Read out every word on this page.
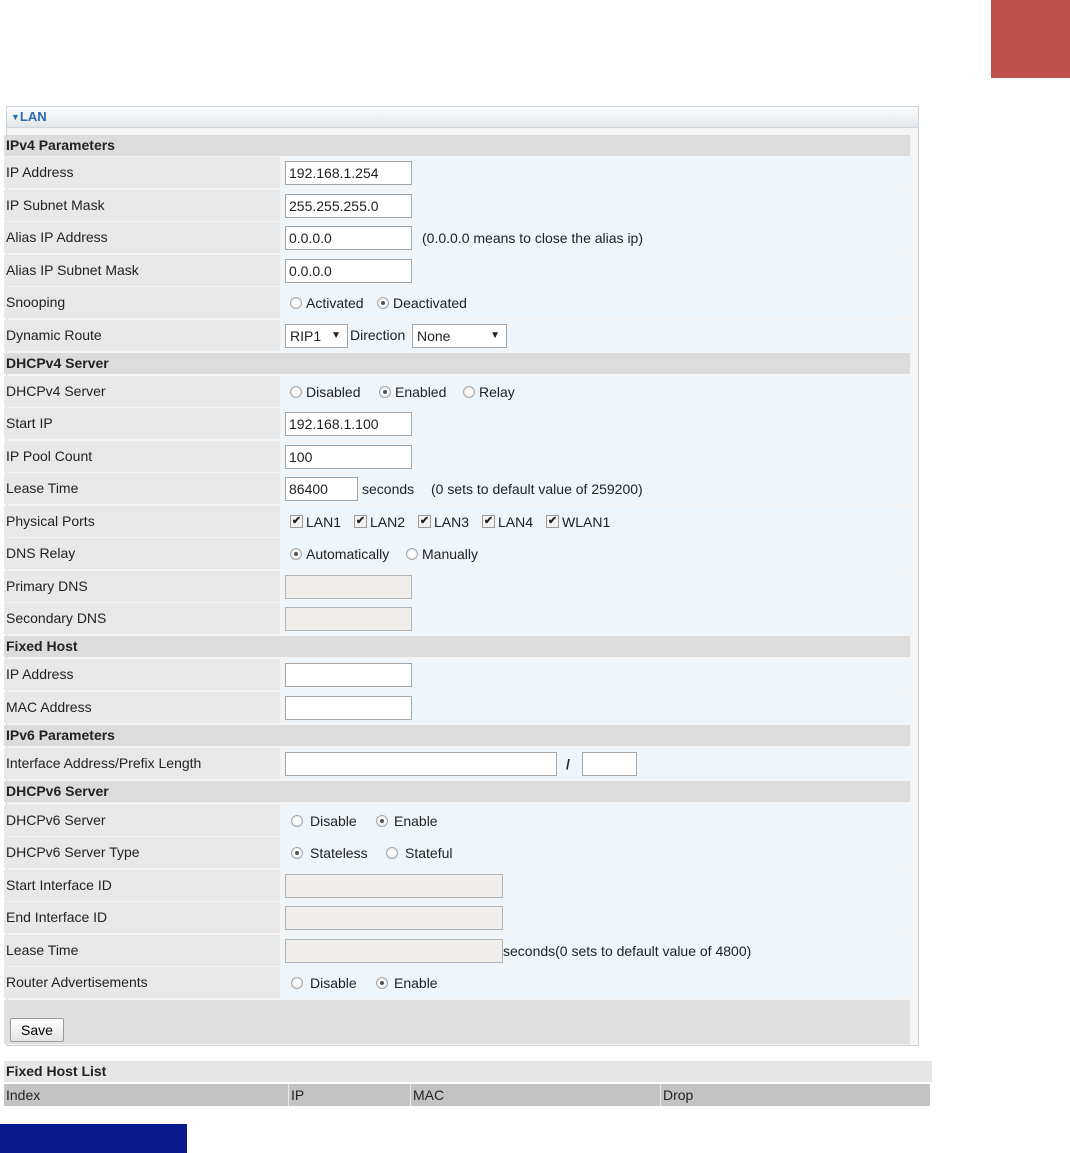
▼LAN
IPv4 Parameters
IP Address	192.168.1.254
IP Subnet Mask	255.255.255.0
Alias IP Address	0.0.0.0	(0.0.0.0 means to close the alias ip)
Alias IP Subnet Mask	0.0.0.0
Snooping	Activated Deactivated
Dynamic Route	RIP1 ▼ Direction None	▼
DHCPv4 Server
DHCPv4 Server	Disabled Enabled Relay
Start IP	192.168.1.100
IP Pool Count	100
Lease Time	86400	seconds (0 sets to default value of 259200)
Physical Ports	✔ LAN1 ✔ LAN2 ✔ LAN3 ✔ LAN4 ✔ WLAN1
DNS Relay	Automatically Manually
Primary DNS
Secondary DNS
Fixed Host
IP Address
MAC Address
IPv6 Parameters
Interface Address/Prefix Length	/
DHCPv6 Server
DHCPv6 Server	Disable	Enable
DHCPv6 Server Type	Stateless	Stateful
Start Interface ID
End Interface ID
Lease Time	seconds(0 sets to default value of 4800)
Router Advertisements	Disable	Enable
Save
Fixed Host List
Index	IP	MAC	Drop
